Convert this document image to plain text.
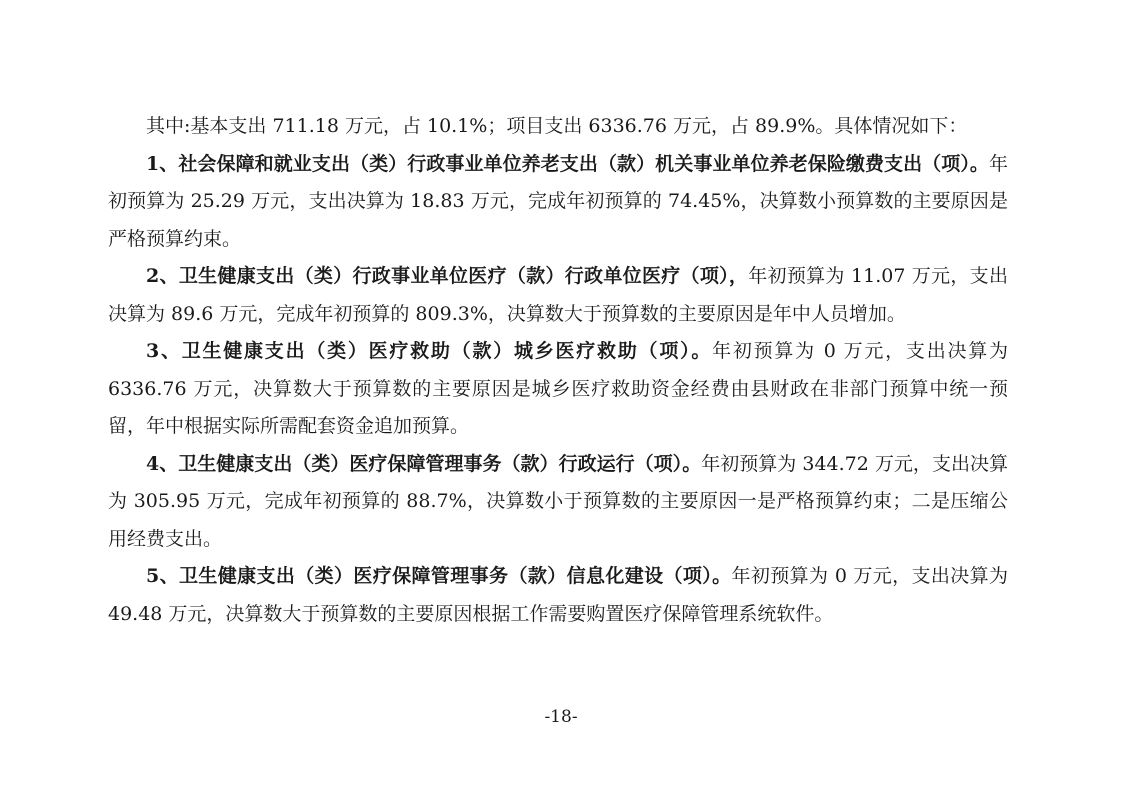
其中:基本支出 711.18 万元，占 10.1%；项目支出 6336.76 万元，占 89.9%。具体情况如下：

1、社会保障和就业支出（类）行政事业单位养老支出（款）机关事业单位养老保险缴费支出（项）。年初预算为 25.29 万元，支出决算为 18.83 万元，完成年初预算的 74.45%，决算数小预算数的主要原因是严格预算约束。

2、卫生健康支出（类）行政事业单位医疗（款）行政单位医疗（项），年初预算为 11.07 万元，支出决算为 89.6 万元，完成年初预算的 809.3%，决算数大于预算数的主要原因是年中人员增加。

3、卫生健康支出（类）医疗救助（款）城乡医疗救助（项）。年初预算为 0 万元，支出决算为 6336.76 万元，决算数大于预算数的主要原因是城乡医疗救助资金经费由县财政在非部门预算中统一预留，年中根据实际所需配套资金追加预算。

4、卫生健康支出（类）医疗保障管理事务（款）行政运行（项）。年初预算为 344.72 万元，支出决算为 305.95 万元，完成年初预算的 88.7%，决算数小于预算数的主要原因一是严格预算约束；二是压缩公用经费支出。

5、卫生健康支出（类）医疗保障管理事务（款）信息化建设（项）。年初预算为 0 万元，支出决算为 49.48 万元，决算数大于预算数的主要原因根据工作需要购置医疗保障管理系统软件。

-18-
